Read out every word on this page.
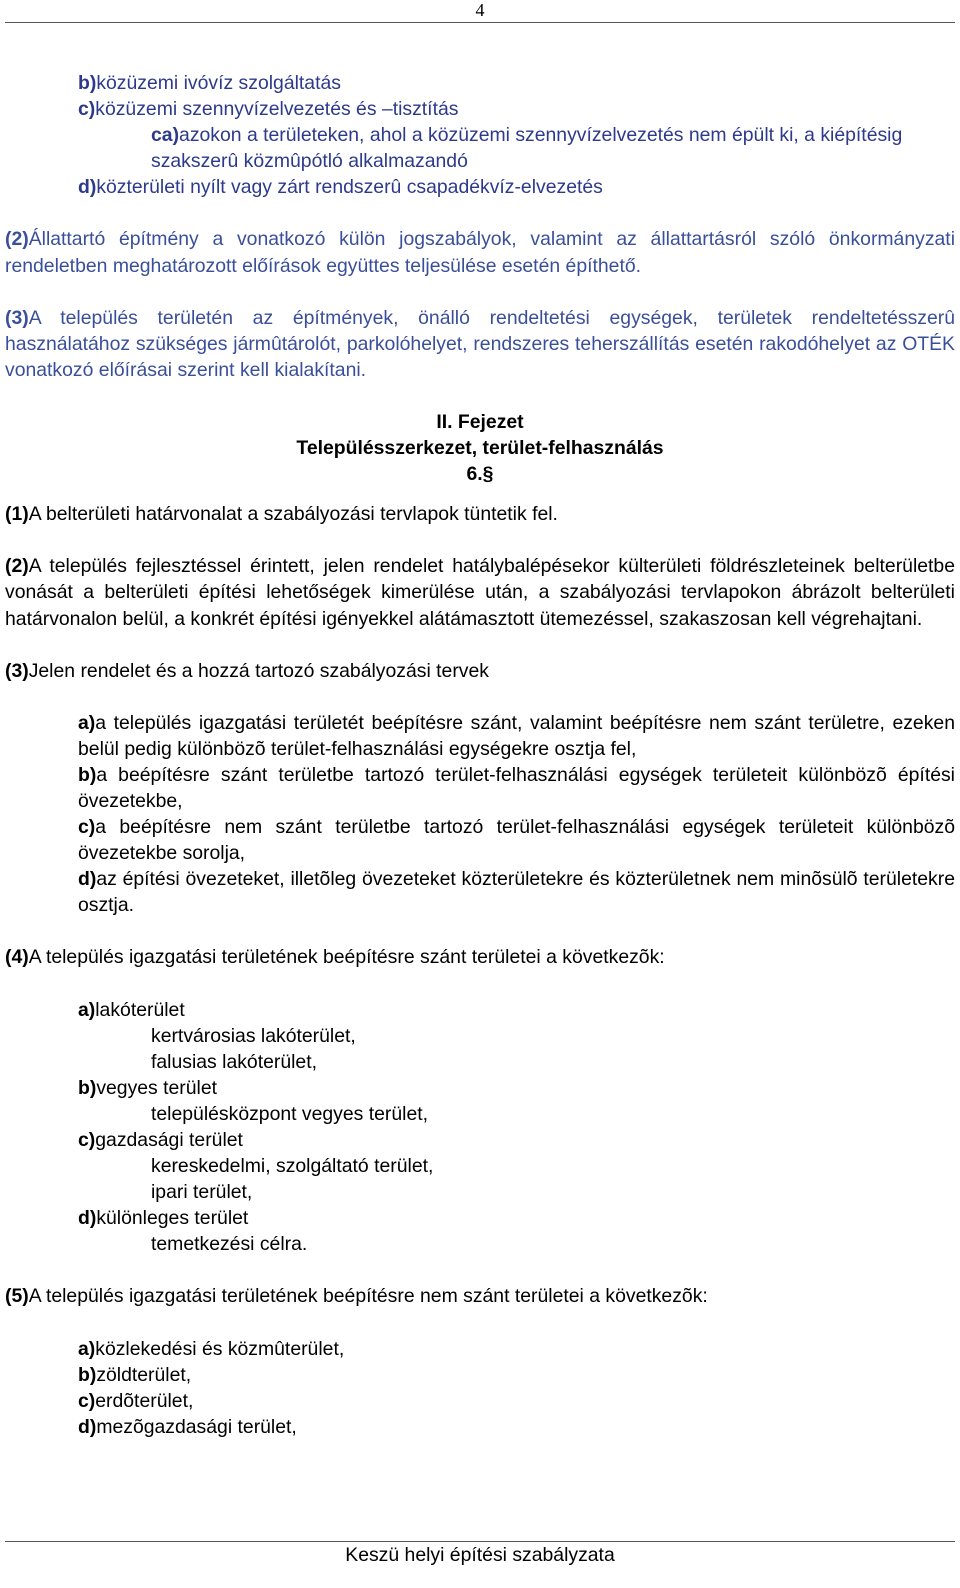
4

b)közüzemi ivóvíz szolgáltatás

c)közüzemi szennyvízelvezetés és –tisztítás

ca)azokon a területeken, ahol a közüzemi szennyvízelvezetés nem épült ki, a kiépítésig szakszerû közmûpótló alkalmazandó

d)közterületi nyílt vagy zárt rendszerû csapadékvíz-elvezetés

(2)Állattartó építmény a vonatkozó külön jogszabályok, valamint az állattartásról szóló önkormányzati rendeletben meghatározott előírások együttes teljesülése esetén építhető.

(3)A település területén az építmények, önálló rendeltetési egységek, területek rendeltetésszerû használatához szükséges jármûtárolót, parkolóhelyet, rendszeres teherszállítás esetén rakodóhelyet az OTÉK vonatkozó előírásai szerint kell kialakítani.

II. Fejezet

Településszerkezet, terület-felhasználás

6.§

(1)A belterületi határvonalat a szabályozási tervlapok tüntetik fel.

(2)A település fejlesztéssel érintett, jelen rendelet hatálybalépésekor külterületi földrészleteinek belterületbe vonását a belterületi építési lehetőségek kimerülése után, a szabályozási tervlapokon ábrázolt belterületi határvonalon belül, a konkrét építési igényekkel alátámasztott ütemezéssel, szakaszosan kell végrehajtani.

(3)Jelen rendelet és a hozzá tartozó szabályozási tervek

a)a település igazgatási területét beépítésre szánt, valamint beépítésre nem szánt területre, ezeken belül pedig különbözõ terület-felhasználási egységekre osztja fel,

b)a beépítésre szánt területbe tartozó terület-felhasználási egységek területeit különbözõ építési övezetekbe,

c)a beépítésre nem szánt területbe tartozó terület-felhasználási egységek területeit különbözõ övezetekbe sorolja,

d)az építési övezeteket, illetõleg övezeteket közterületekre és közterületnek nem minõsülõ területekre osztja.

(4)A település igazgatási területének beépítésre szánt területei a következõk:

a)lakóterület

kertvárosias lakóterület,

falusias lakóterület,

b)vegyes terület

településközpont vegyes terület,

c)gazdasági terület

kereskedelmi, szolgáltató terület,

ipari terület,

d)különleges terület

temetkezési célra.

(5)A település igazgatási területének beépítésre nem szánt területei a következõk:

a)közlekedési és közmûterület,

b)zöldterület,

c)erdõterület,

d)mezõgazdasági terület,

Keszü helyi építési szabályzata
